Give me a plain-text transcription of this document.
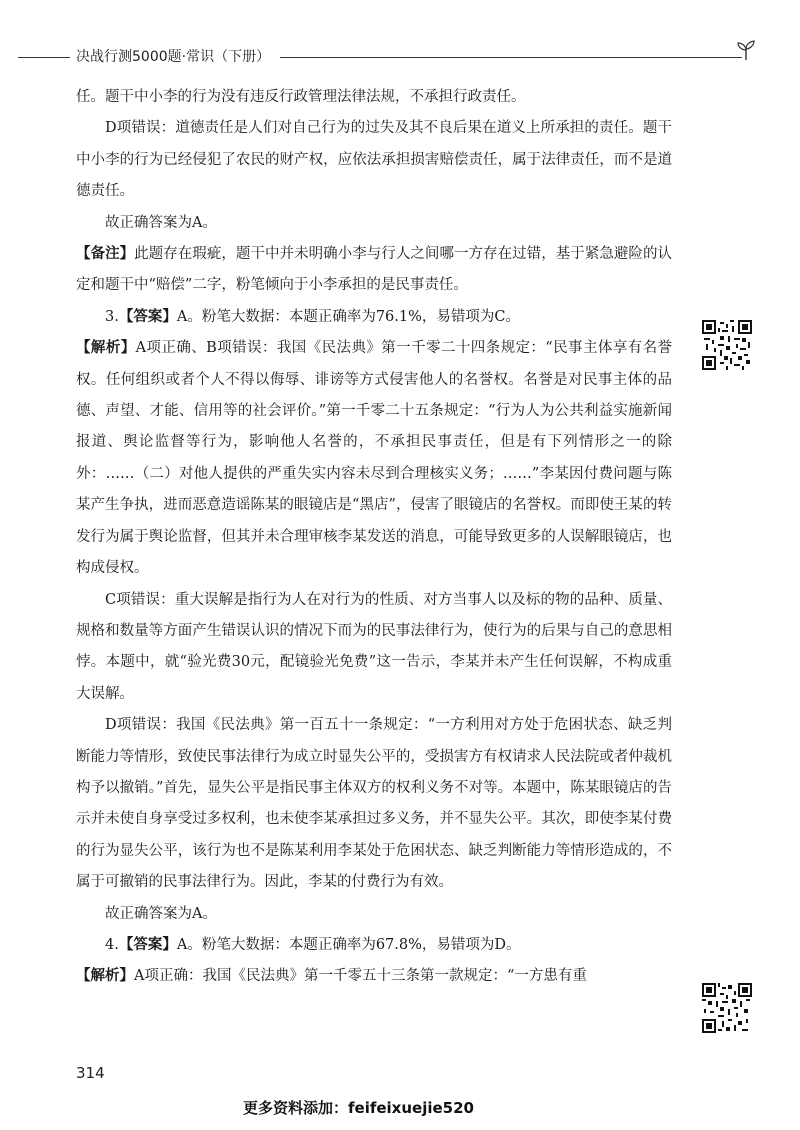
决战行测5000题·常识（下册）

任。题干中小李的行为没有违反行政管理法律法规，不承担行政责任。

D项错误：道德责任是人们对自己行为的过失及其不良后果在道义上所承担的责任。题干中小李的行为已经侵犯了农民的财产权，应依法承担损害赔偿责任，属于法律责任，而不是道德责任。

故正确答案为A。

【备注】此题存在瑕疵，题干中并未明确小李与行人之间哪一方存在过错，基于紧急避险的认定和题干中“赔偿”二字，粉笔倾向于小李承担的是民事责任。

3.【答案】A。粉笔大数据：本题正确率为76.1%，易错项为C。

【解析】A项正确、B项错误：我国《民法典》第一千零二十四条规定：“民事主体享有名誉权。任何组织或者个人不得以侮辱、诽谤等方式侵害他人的名誉权。名誉是对民事主体的品德、声望、才能、信用等的社会评价。”第一千零二十五条规定：“行为人为公共利益实施新闻报道、舆论监督等行为，影响他人名誉的，不承担民事责任，但是有下列情形之一的除外：……（二）对他人提供的严重失实内容未尽到合理核实义务；……”李某因付费问题与陈某产生争执，进而恶意造谣陈某的眼镜店是“黑店”，侵害了眼镜店的名誉权。而即使王某的转发行为属于舆论监督，但其并未合理审核李某发送的消息，可能导致更多的人误解眼镜店，也构成侵权。

C项错误：重大误解是指行为人在对行为的性质、对方当事人以及标的物的品种、质量、规格和数量等方面产生错误认识的情况下而为的民事法律行为，使行为的后果与自己的意思相悖。本题中，就“验光费30元，配镜验光免费”这一告示，李某并未产生任何误解，不构成重大误解。

D项错误：我国《民法典》第一百五十一条规定：“一方利用对方处于危困状态、缺乏判断能力等情形，致使民事法律行为成立时显失公平的，受损害方有权请求人民法院或者仲裁机构予以撤销。”首先，显失公平是指民事主体双方的权利义务不对等。本题中，陈某眼镜店的告示并未使自身享受过多权利，也未使李某承担过多义务，并不显失公平。其次，即使李某付费的行为显失公平，该行为也不是陈某利用李某处于危困状态、缺乏判断能力等情形造成的，不属于可撤销的民事法律行为。因此，李某的付费行为有效。

故正确答案为A。

4.【答案】A。粉笔大数据：本题正确率为67.8%，易错项为D。

【解析】A项正确：我国《民法典》第一千零五十三条第一款规定：“一方患有重

314
更多资料添加：feifeixuejie520
